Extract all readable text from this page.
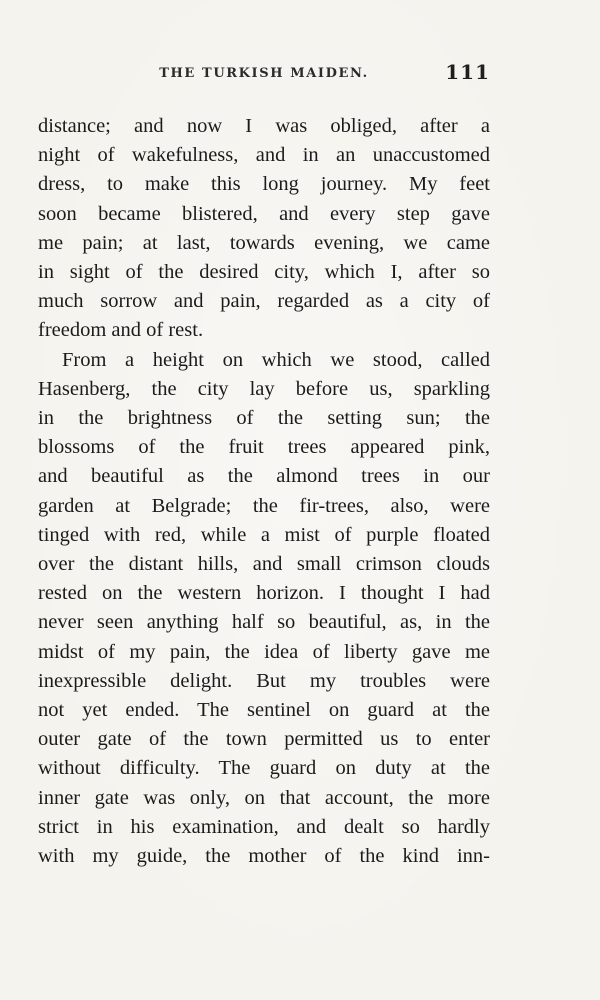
THE TURKISH MAIDEN.	111
distance; and now I was obliged, after a
night of wakefulness, and in an unaccustomed
dress, to make this long journey. My feet
soon became blistered, and every step gave
me pain; at last, towards evening, we came
in sight of the desired city, which I, after so
much sorrow and pain, regarded as a city of
freedom and of rest.
From a height on which we stood, called
Hasenberg, the city lay before us, sparkling
in the brightness of the setting sun; the
blossoms of the fruit trees appeared pink,
and beautiful as the almond trees in our
garden at Belgrade; the fir-trees, also, were
tinged with red, while a mist of purple floated
over the distant hills, and small crimson clouds
rested on the western horizon. I thought I had
never seen anything half so beautiful, as, in the
midst of my pain, the idea of liberty gave me
inexpressible delight. But my troubles were
not yet ended. The sentinel on guard at the
outer gate of the town permitted us to enter
without difficulty. The guard on duty at the
inner gate was only, on that account, the more
strict in his examination, and dealt so hardly
with my guide, the mother of the kind inn-
